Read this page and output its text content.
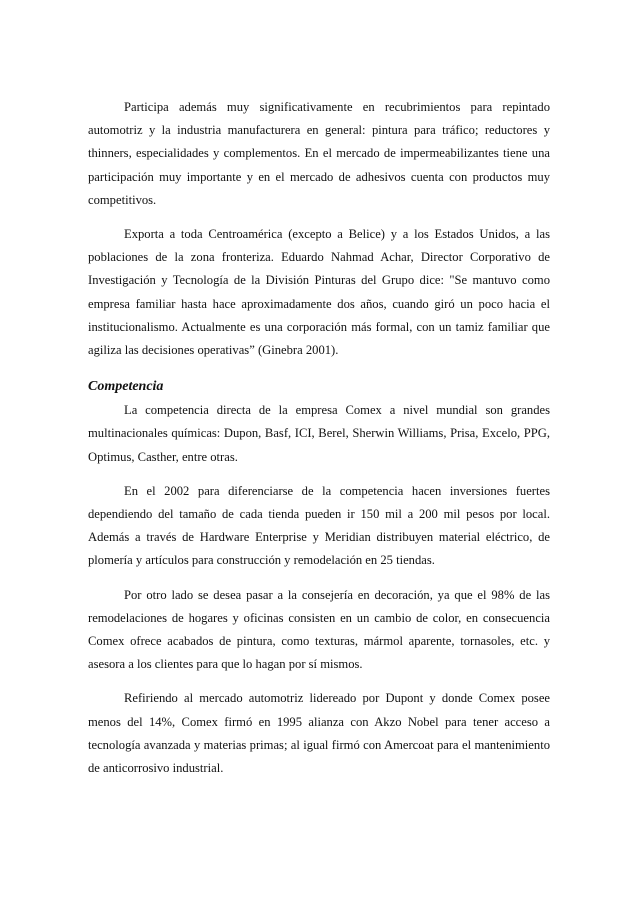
Participa además muy significativamente en recubrimientos para repintado automotriz y la industria manufacturera en general: pintura para tráfico; reductores y thinners, especialidades y complementos. En el mercado de impermeabilizantes tiene una participación muy importante y en el mercado de adhesivos cuenta con productos muy competitivos.

Exporta a toda Centroamérica (excepto a Belice) y a los Estados Unidos, a las poblaciones de la zona fronteriza. Eduardo Nahmad Achar, Director Corporativo de Investigación y Tecnología de la División Pinturas del Grupo dice: "Se mantuvo como empresa familiar hasta hace aproximadamente dos años, cuando giró un poco hacia el institucionalismo. Actualmente es una corporación más formal, con un tamiz familiar que agiliza las decisiones operativas” (Ginebra 2001).

Competencia

La competencia directa de la empresa Comex a nivel mundial son grandes multinacionales químicas: Dupon, Basf, ICI, Berel, Sherwin Williams, Prisa, Excelo, PPG, Optimus, Casther, entre otras.

En el 2002 para diferenciarse de la competencia hacen inversiones fuertes dependiendo del tamaño de cada tienda pueden ir 150 mil a 200 mil pesos por local. Además a través de Hardware Enterprise y Meridian distribuyen material eléctrico, de plomería y artículos para construcción y remodelación en 25 tiendas.

Por otro lado se desea pasar a la consejería en decoración, ya que el 98% de las remodelaciones de hogares y oficinas consisten en un cambio de color, en consecuencia Comex ofrece acabados de pintura, como texturas, mármol aparente, tornasoles, etc. y asesora a los clientes para que lo hagan por sí mismos.

Refiriendo al mercado automotriz lidereado por Dupont y donde Comex posee menos del 14%, Comex firmó en 1995 alianza con Akzo Nobel para tener acceso a tecnología avanzada y materias primas; al igual firmó con Amercoat para el mantenimiento de anticorrosivo industrial.
